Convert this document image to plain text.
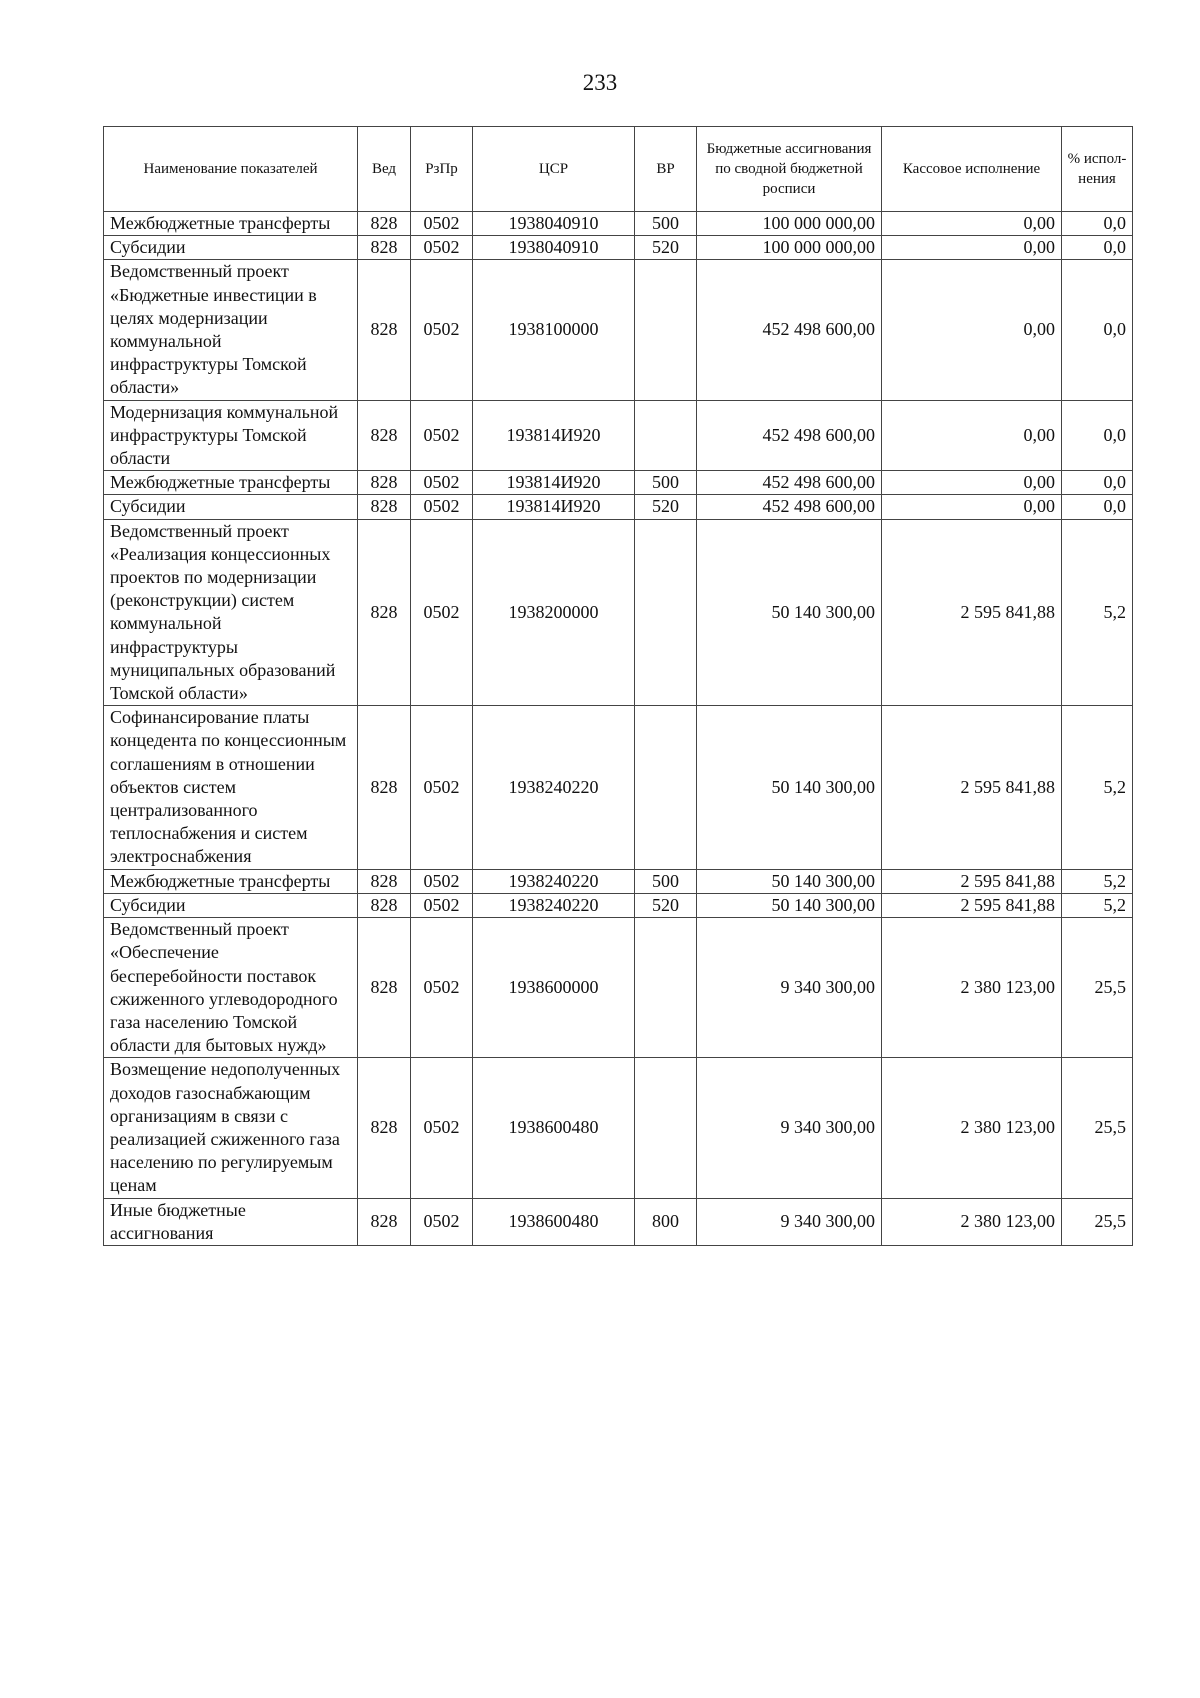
233
Наименование показателей	Вед	РзПр	ЦСР	ВР	Бюджетные ассигнования по сводной бюджетной росписи	Кассовое исполнение	% испол-нения
Межбюджетные трансферты	828	0502	1938040910	500	100 000 000,00	0,00	0,0
Субсидии	828	0502	1938040910	520	100 000 000,00	0,00	0,0
Ведомственный проект «Бюджетные инвестиции в целях модернизации коммунальной инфраструктуры Томской области»	828	0502	1938100000		452 498 600,00	0,00	0,0
Модернизация коммунальной инфраструктуры Томской области	828	0502	193814И920		452 498 600,00	0,00	0,0
Межбюджетные трансферты	828	0502	193814И920	500	452 498 600,00	0,00	0,0
Субсидии	828	0502	193814И920	520	452 498 600,00	0,00	0,0
Ведомственный проект «Реализация концессионных проектов по модернизации (реконструкции) систем коммунальной инфраструктуры муниципальных образований Томской области»	828	0502	1938200000		50 140 300,00	2 595 841,88	5,2
Софинансирование платы концедента по концессионным соглашениям в отношении объектов систем централизованного теплоснабжения и систем электроснабжения	828	0502	1938240220		50 140 300,00	2 595 841,88	5,2
Межбюджетные трансферты	828	0502	1938240220	500	50 140 300,00	2 595 841,88	5,2
Субсидии	828	0502	1938240220	520	50 140 300,00	2 595 841,88	5,2
Ведомственный проект «Обеспечение бесперебойности поставок сжиженного углеводородного газа населению Томской области для бытовых нужд»	828	0502	1938600000		9 340 300,00	2 380 123,00	25,5
Возмещение недополученных доходов газоснабжающим организациям в связи с реализацией сжиженного газа населению по регулируемым ценам	828	0502	1938600480		9 340 300,00	2 380 123,00	25,5
Иные бюджетные ассигнования	828	0502	1938600480	800	9 340 300,00	2 380 123,00	25,5
